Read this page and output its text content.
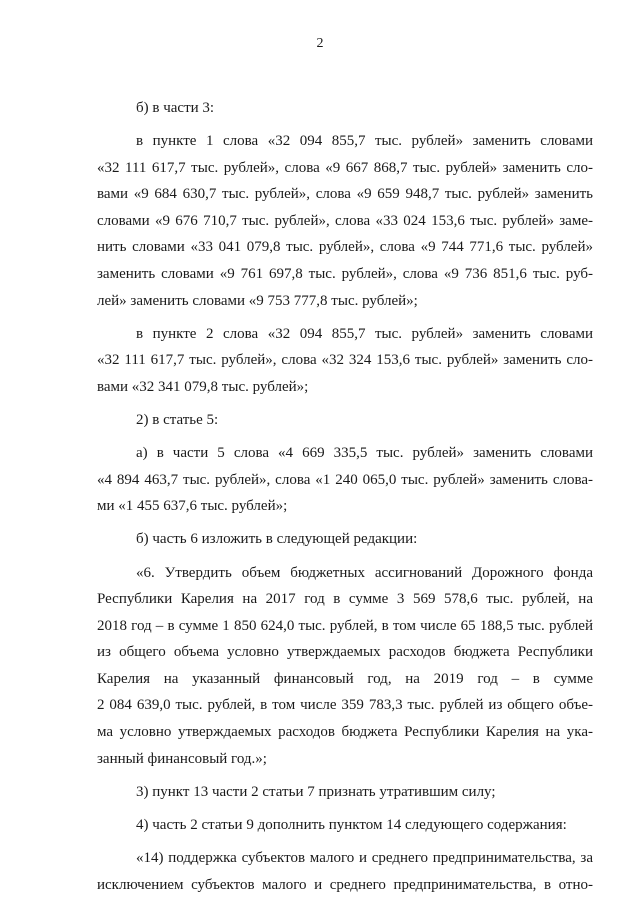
2
б) в части 3:
в пункте 1 слова «32 094 855,7 тыс. рублей» заменить словами
«32 111 617,7 тыс. рублей», слова «9 667 868,7 тыс. рублей» заменить сло-
вами «9 684 630,7 тыс. рублей», слова «9 659 948,7 тыс. рублей» заменить
словами «9 676 710,7 тыс. рублей», слова «33 024 153,6 тыс. рублей» заме-
нить словами «33 041 079,8 тыс. рублей», слова «9 744 771,6 тыс. рублей»
заменить словами «9 761 697,8 тыс. рублей», слова «9 736 851,6 тыс. руб-
лей» заменить словами «9 753 777,8 тыс. рублей»;
в пункте 2 слова «32 094 855,7 тыс. рублей» заменить словами
«32 111 617,7 тыс. рублей», слова «32 324 153,6 тыс. рублей» заменить сло-
вами «32 341 079,8 тыс. рублей»;
2) в статье 5:
а) в части 5 слова «4 669 335,5 тыс. рублей» заменить словами
«4 894 463,7 тыс. рублей», слова «1 240 065,0 тыс. рублей» заменить слова-
ми «1 455 637,6 тыс. рублей»;
б) часть 6 изложить в следующей редакции:
«6. Утвердить объем бюджетных ассигнований Дорожного фонда
Республики Карелия на 2017 год в сумме 3 569 578,6 тыс. рублей, на
2018 год – в сумме 1 850 624,0 тыс. рублей, в том числе 65 188,5 тыс. рублей
из общего объема условно утверждаемых расходов бюджета Республики
Карелия на указанный финансовый год, на 2019 год – в сумме
2 084 639,0 тыс. рублей, в том числе 359 783,3 тыс. рублей из общего объе-
ма условно утверждаемых расходов бюджета Республики Карелия на ука-
занный финансовый год.»;
3) пункт 13 части 2 статьи 7 признать утратившим силу;
4) часть 2 статьи 9 дополнить пунктом 14 следующего содержания:
«14) поддержка субъектов малого и среднего предпринимательства, за
исключением субъектов малого и среднего предпринимательства, в отно-
